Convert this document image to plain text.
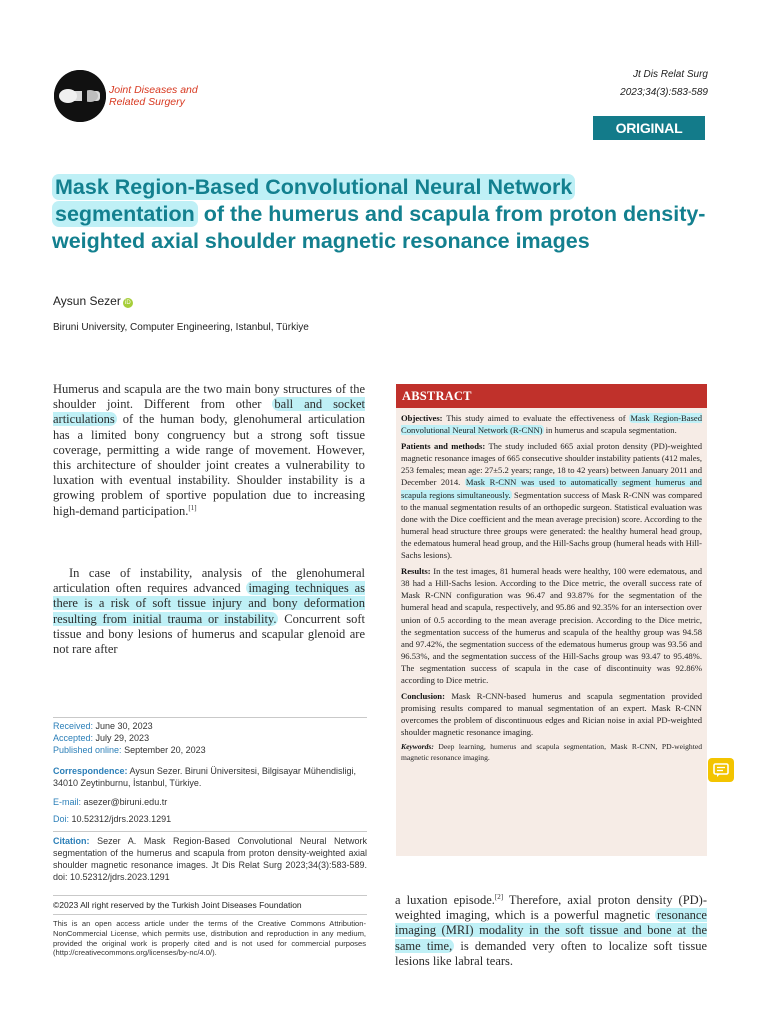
Joint Diseases and Related Surgery
Jt Dis Relat Surg
2023;34(3):583-589
ORIGINAL ARTICLE
Mask Region-Based Convolutional Neural Network
segmentation of the humerus and scapula from proton density-weighted axial shoulder magnetic resonance images
Aysun Sezer iD
Biruni University, Computer Engineering, Istanbul, Türkiye
Humerus and scapula are the two main bony structures of the shoulder joint. Different from other ball and socket articulations of the human body, glenohumeral articulation has a limited bony congruency but a strong soft tissue coverage, permitting a wide range of movement. However, this architecture of shoulder joint creates a vulnerability to luxation with eventual instability. Shoulder instability is a growing problem of sportive population due to increasing high-demand participation.[1]
In case of instability, analysis of the glenohumeral articulation often requires advanced imaging techniques as there is a risk of soft tissue injury and bony deformation resulting from initial trauma or instability. Concurrent soft tissue and bony lesions of humerus and scapular glenoid are not rare after
ABSTRACT

Objectives: This study aimed to evaluate the effectiveness of Mask Region-Based Convolutional Neural Network (R-CNN) in humerus and scapula segmentation.

Patients and methods: The study included 665 axial proton density (PD)-weighted magnetic resonance images of 665 consecutive shoulder instability patients (412 males, 253 females; mean age: 27±5.2 years; range, 18 to 42 years) between January 2011 and December 2014. Mask R-CNN was used to automatically segment humerus and scapula regions simultaneously. Segmentation success of Mask R-CNN was compared to the manual segmentation results of an orthopedic surgeon. Statistical evaluation was done with the Dice coefficient and the mean average precision) score. According to the humeral head structure three groups were generated: the healthy humeral head group, the edematous humeral head group, and the Hill-Sachs group (humeral heads with Hill-Sachs lesions).

Results: In the test images, 81 humeral heads were healthy, 100 were edematous, and 38 had a Hill-Sachs lesion. According to the Dice metric, the overall success rate of Mask R-CNN configuration was 96.47 and 93.87% for the segmentation of the humeral head and scapula, respectively, and 95.86 and 92.35% for an intersection over union of 0.5 according to the mean average precision. According to the Dice metric, the segmentation success of the humerus and scapula of the healthy group was 94.58 and 97.42%, the segmentation success of the edematous humerus group was 93.56 and 96.53%, and the segmentation success of the Hill-Sachs group was 93.47 to 95.48%. The segmentation success of scapula in the case of discontinuity was 92.86% according to Dice metric.

Conclusion: Mask R-CNN-based humerus and scapula segmentation provided promising results compared to manual segmentation of an expert. Mask R-CNN overcomes the problem of discontinuous edges and Rician noise in axial PD-weighted shoulder magnetic resonance imaging.

Keywords: Deep learning, humerus and scapula segmentation, Mask R-CNN, PD-weighted magnetic resonance imaging.

Received: June 30, 2023
Accepted: July 29, 2023
Published online: September 20, 2023
Correspondence: Aysun Sezer. Biruni Üniversitesi, Bilgisayar Mühendisligi, 34010 Zeytinburnu, İstanbul, Türkiye.
E-mail: asezer@biruni.edu.tr
Doi: 10.52312/jdrs.2023.1291
Citation: Sezer A. Mask Region-Based Convolutional Neural Network segmentation of the humerus and scapula from proton density-weighted axial shoulder magnetic resonance images. Jt Dis Relat Surg 2023;34(3):583-589. doi: 10.52312/jdrs.2023.1291
©2023 All right reserved by the Turkish Joint Diseases Foundation
This is an open access article under the terms of the Creative Commons Attribution-NonCommercial License, which permits use, distribution and reproduction in any medium, provided the original work is properly cited and is not used for commercial purposes (http://creativecommons.org/licenses/by-nc/4.0/).
a luxation episode.[2] Therefore, axial proton density (PD)-weighted imaging, which is a powerful magnetic resonance imaging (MRI) modality in the soft tissue and bone at the same time, is demanded very often to localize soft tissue lesions like labral tears.
